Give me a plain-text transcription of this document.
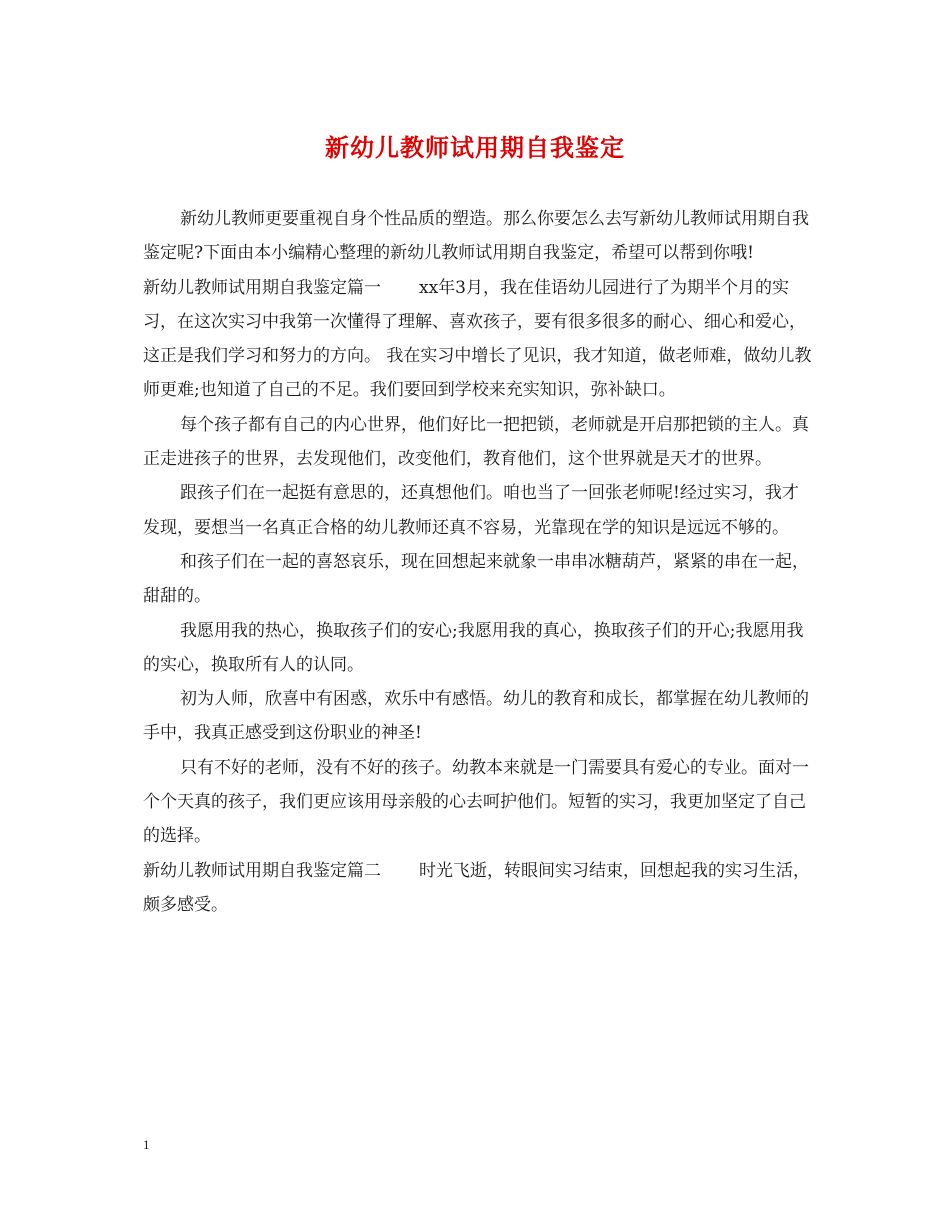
新幼儿教师试用期自我鉴定

新幼儿教师更要重视自身个性品质的塑造。那么你要怎么去写新幼儿教师试用期自我鉴定呢?下面由本小编精心整理的新幼儿教师试用期自我鉴定，希望可以帮到你哦!

新幼儿教师试用期自我鉴定篇一 xx年3月，我在佳语幼儿园进行了为期半个月的实习，在这次实习中我第一次懂得了理解、喜欢孩子，要有很多很多的耐心、细心和爱心，这正是我们学习和努力的方向。 我在实习中增长了见识，我才知道，做老师难，做幼儿教师更难;也知道了自己的不足。我们要回到学校来充实知识，弥补缺口。

每个孩子都有自己的内心世界，他们好比一把把锁，老师就是开启那把锁的主人。真正走进孩子的世界，去发现他们，改变他们，教育他们，这个世界就是天才的世界。

跟孩子们在一起挺有意思的，还真想他们。咱也当了一回张老师呢!经过实习，我才发现，要想当一名真正合格的幼儿教师还真不容易，光靠现在学的知识是远远不够的。

和孩子们在一起的喜怒哀乐，现在回想起来就象一串串冰糖葫芦，紧紧的串在一起，甜甜的。

我愿用我的热心，换取孩子们的安心;我愿用我的真心，换取孩子们的开心;我愿用我的实心，换取所有人的认同。

初为人师，欣喜中有困惑，欢乐中有感悟。幼儿的教育和成长，都掌握在幼儿教师的手中，我真正感受到这份职业的神圣!

只有不好的老师，没有不好的孩子。幼教本来就是一门需要具有爱心的专业。面对一个个天真的孩子，我们更应该用母亲般的心去呵护他们。短暂的实习，我更加坚定了自己的选择。

新幼儿教师试用期自我鉴定篇二 时光飞逝，转眼间实习结束，回想起我的实习生活，颇多感受。

1
